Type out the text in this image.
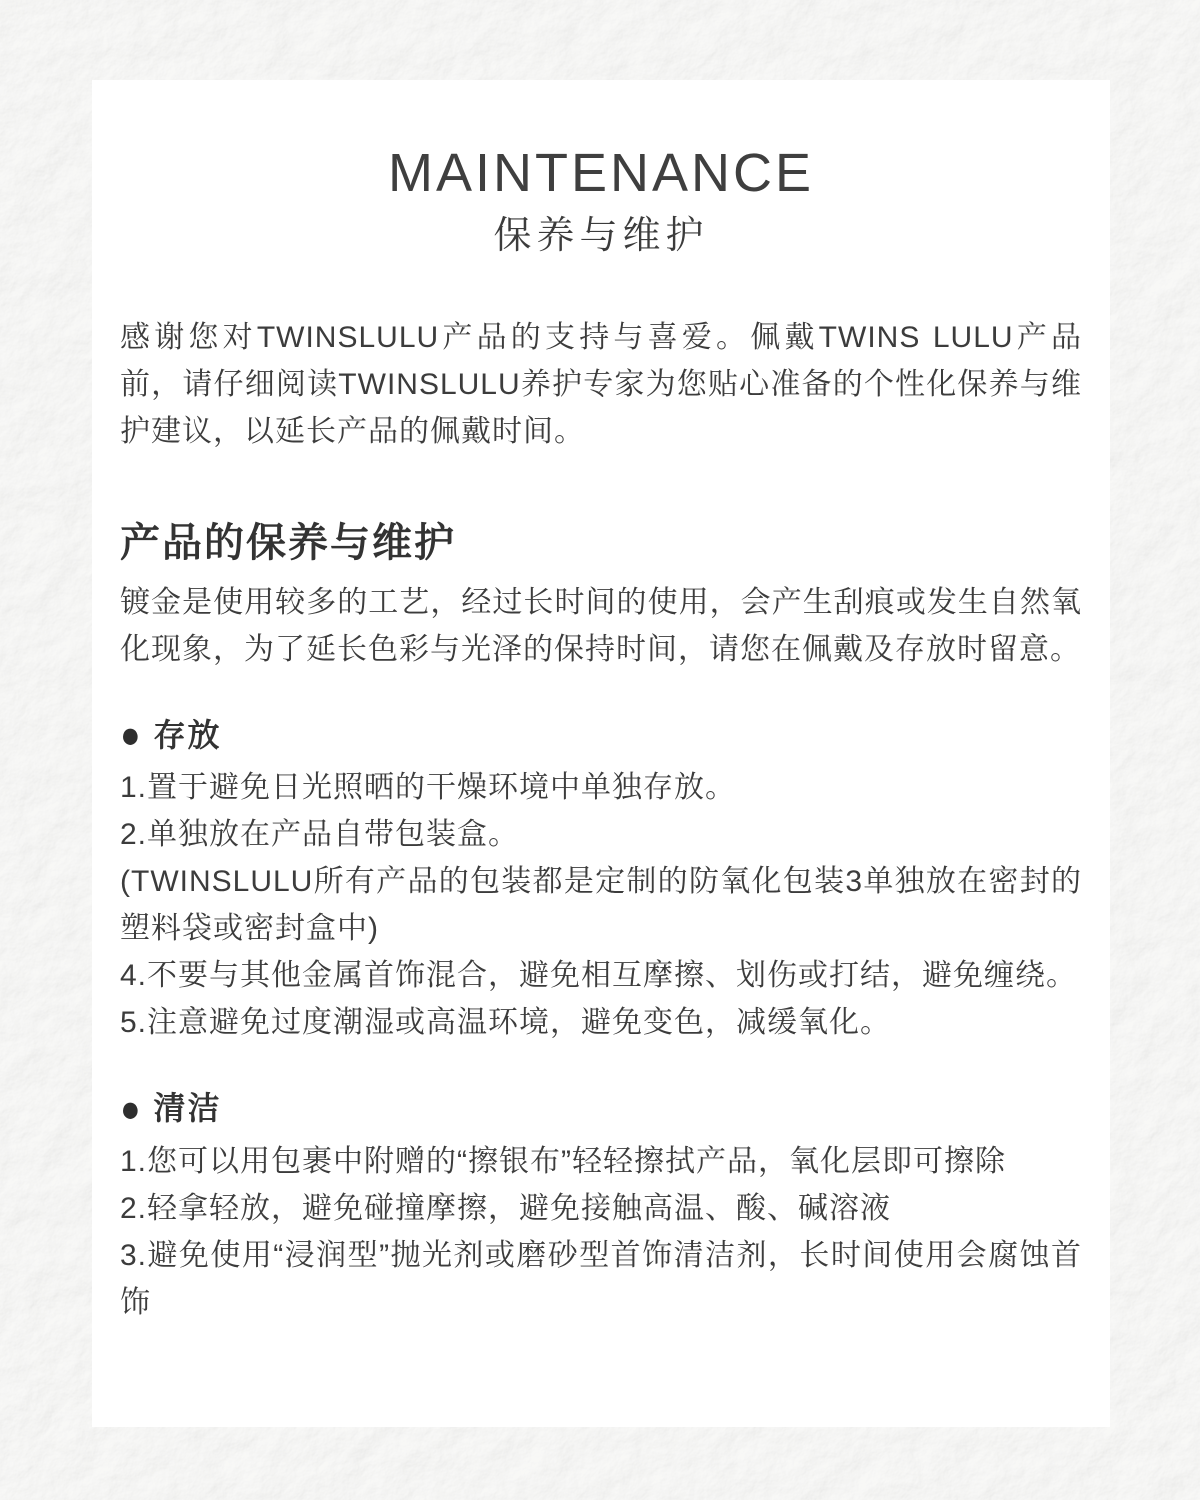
MAINTENANCE
保养与维护

感谢您对TWINSLULU产品的支持与喜爱。佩戴TWINS LULU产品前，请仔细阅读TWINSLULU养护专家为您贴心准备的个性化保养与维护建议，以延长产品的佩戴时间。

产品的保养与维护

镀金是使用较多的工艺，经过长时间的使用，会产生刮痕或发生自然氧化现象，为了延长色彩与光泽的保持时间，请您在佩戴及存放时留意。

● 存放

1.置于避免日光照晒的干燥环境中单独存放。

2.单独放在产品自带包装盒。

(TWINSLULU所有产品的包装都是定制的防氧化包装3单独放在密封的塑料袋或密封盒中)

4.不要与其他金属首饰混合，避免相互摩擦、划伤或打结，避免缠绕。

5.注意避免过度潮湿或高温环境，避免变色，减缓氧化。

● 清洁

1.您可以用包裹中附赠的“擦银布”轻轻擦拭产品，氧化层即可擦除

2.轻拿轻放，避免碰撞摩擦，避免接触高温、酸、碱溶液

3.避免使用“浸润型”抛光剂或磨砂型首饰清洁剂，长时间使用会腐蚀首饰
